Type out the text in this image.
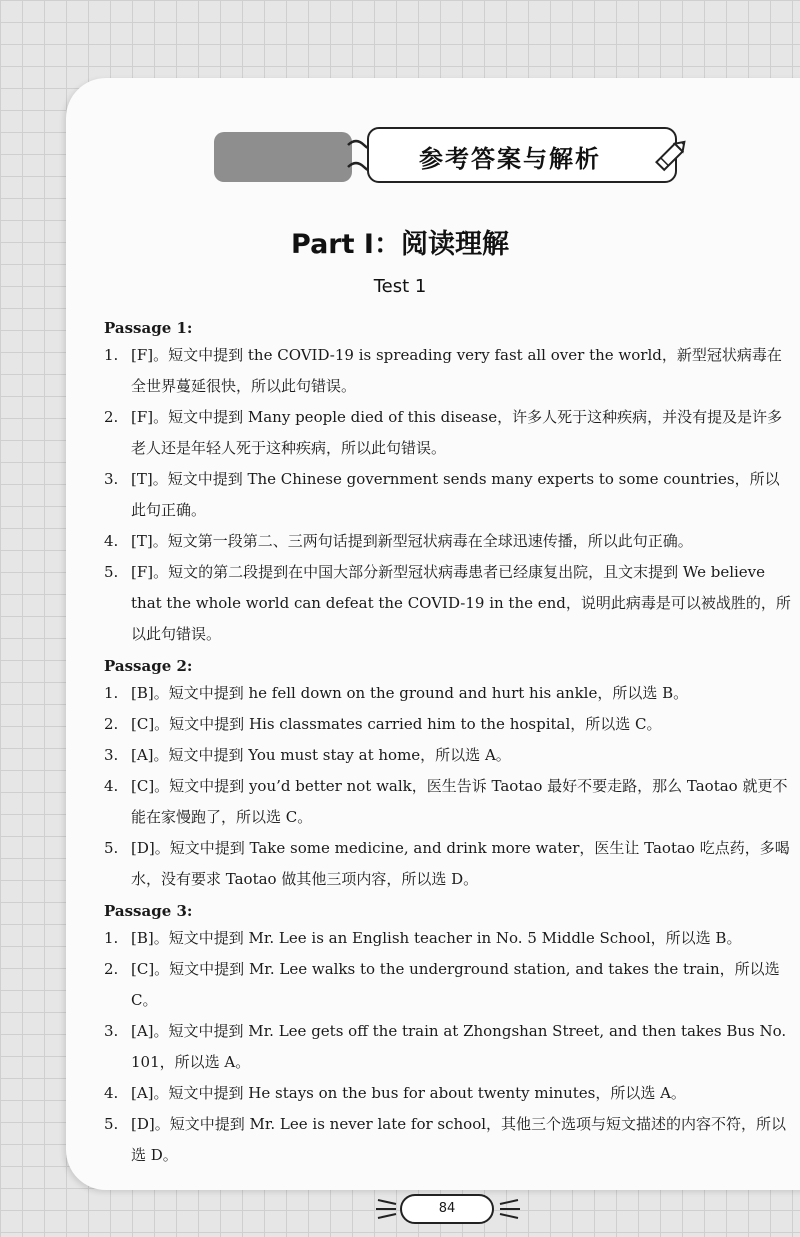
参考答案与解析
Part I：阅读理解
Test 1
Passage 1:
1. [F]。短文中提到 the COVID-19 is spreading very fast all over the world，新型冠状病毒在全世界蔓延很快，所以此句错误。
2. [F]。短文中提到 Many people died of this disease，许多人死于这种疾病，并没有提及是许多老人还是年轻人死于这种疾病，所以此句错误。
3. [T]。短文中提到 The Chinese government sends many experts to some countries，所以此句正确。
4. [T]。短文第一段第二、三两句话提到新型冠状病毒在全球迅速传播，所以此句正确。
5. [F]。短文的第二段提到在中国大部分新型冠状病毒患者已经康复出院，且文末提到 We believe that the whole world can defeat the COVID-19 in the end，说明此病毒是可以被战胜的，所以此句错误。
Passage 2:
1. [B]。短文中提到 he fell down on the ground and hurt his ankle，所以选 B。
2. [C]。短文中提到 His classmates carried him to the hospital，所以选 C。
3. [A]。短文中提到 You must stay at home，所以选 A。
4. [C]。短文中提到 you’d better not walk，医生告诉 Taotao 最好不要走路，那么 Taotao 就更不能在家慢跑了，所以选 C。
5. [D]。短文中提到 Take some medicine, and drink more water，医生让 Taotao 吃点药，多喝水，没有要求 Taotao 做其他三项内容，所以选 D。
Passage 3:
1. [B]。短文中提到 Mr. Lee is an English teacher in No. 5 Middle School，所以选 B。
2. [C]。短文中提到 Mr. Lee walks to the underground station, and takes the train，所以选 C。
3. [A]。短文中提到 Mr. Lee gets off the train at Zhongshan Street, and then takes Bus No. 101，所以选 A。
4. [A]。短文中提到 He stays on the bus for about twenty minutes，所以选 A。
5. [D]。短文中提到 Mr. Lee is never late for school，其他三个选项与短文描述的内容不符，所以选 D。
84
